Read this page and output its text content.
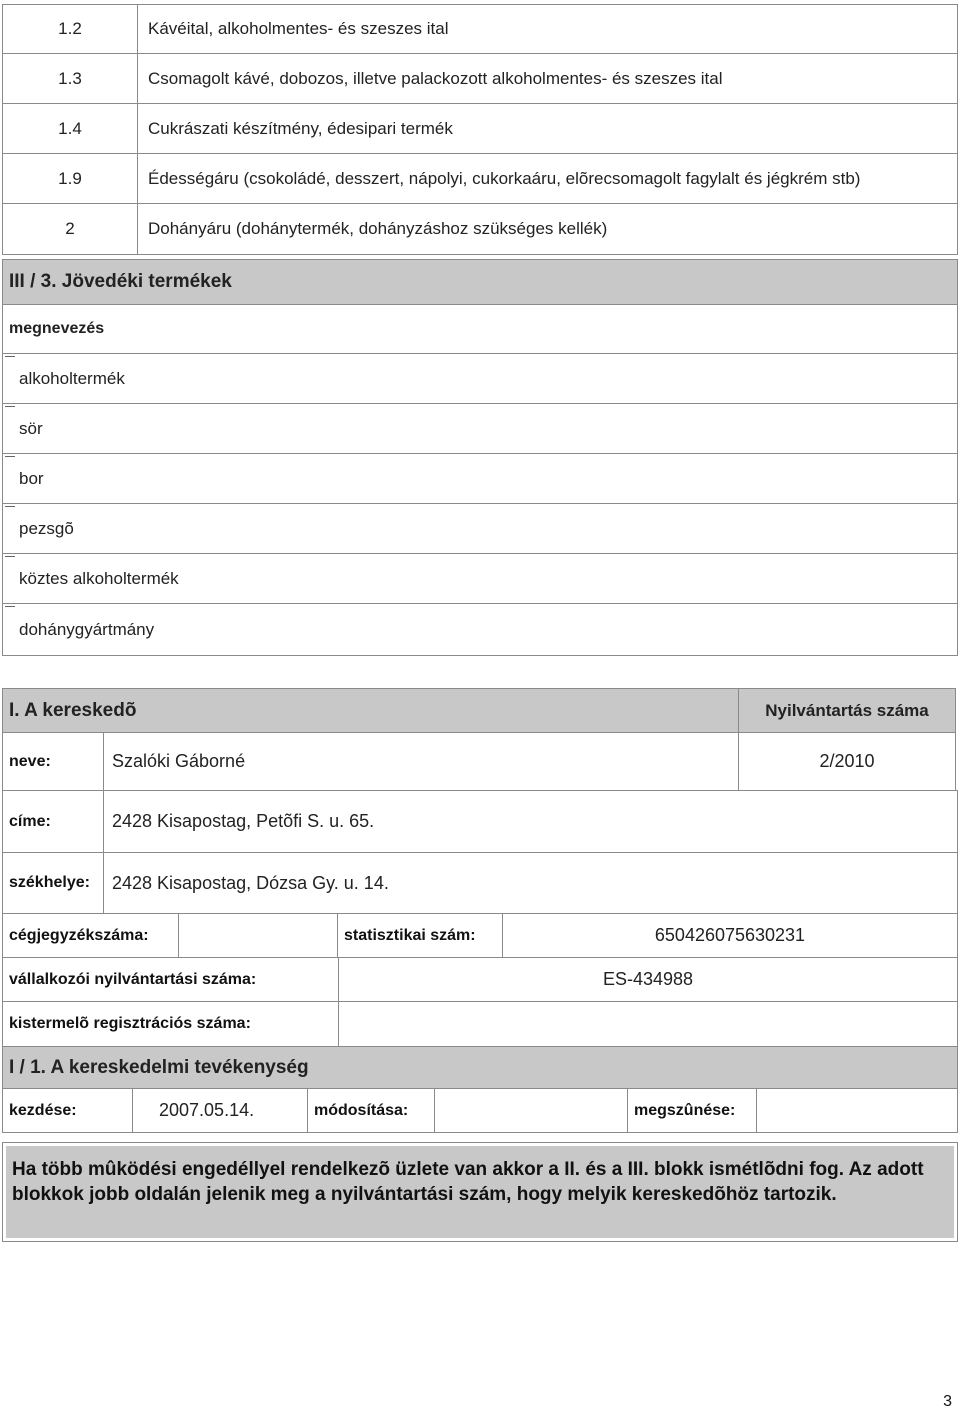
1.2	Kávéital, alkoholmentes- és szeszes ital
1.3	Csomagolt kávé, dobozos, illetve palackozott alkoholmentes- és szeszes ital
1.4	Cukrászati készítmény, édesipari termék
1.9	Édességáru (csokoládé, desszert, nápolyi, cukorkaáru, elõrecsomagolt fagylalt és jégkrém stb)
2	Dohányáru (dohánytermék, dohányzáshoz szükséges kellék)
III / 3. Jövedéki termékek
megnevezés
alkoholtermék
sör
bor
pezsgõ
köztes alkoholtermék
dohánygyártmány
I. A kereskedõ	Nyilvántartás száma
neve:	Szalóki Gáborné	2/2010
címe:	2428 Kisapostag, Petõfi S. u. 65.
székhelye:	2428 Kisapostag, Dózsa Gy. u. 14.
cégjegyzékszáma:	statisztikai szám:	650426075630231
vállalkozói nyilvántartási száma:	ES-434988
kistermelõ regisztrációs száma:
I / 1. A kereskedelmi tevékenység
kezdése:	2007.05.14.	módosítása:	megszûnése:
Ha több mûködési engedéllyel rendelkezõ üzlete van akkor a II. és a III. blokk ismétlõdni fog. Az adott blokkok jobb oldalán jelenik meg a nyilvántartási szám, hogy melyik kereskedõhöz tartozik.
3
